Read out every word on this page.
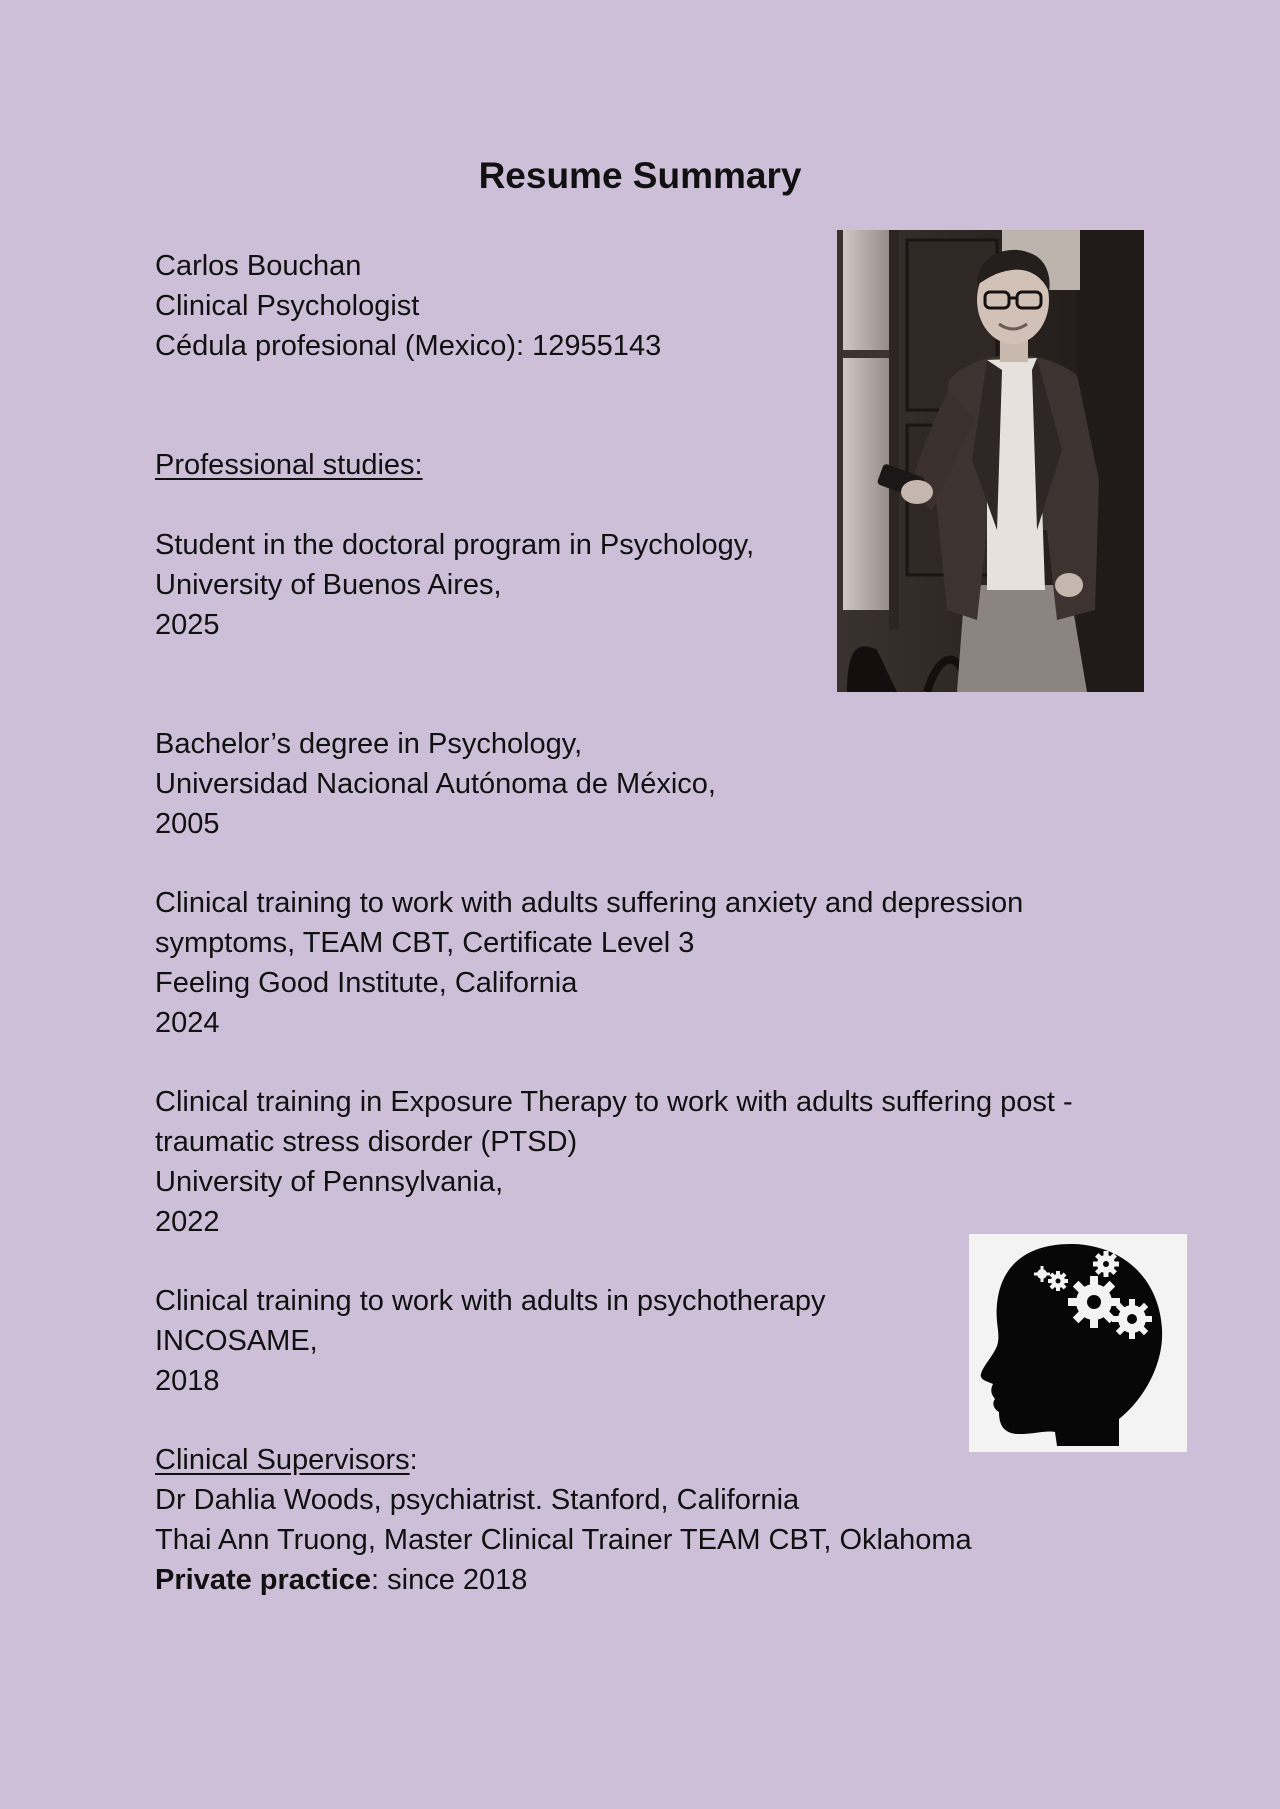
Resume Summary
Carlos Bouchan
Clinical Psychologist
Cédula profesional (Mexico): 12955143
Professional studies:
Student in the doctoral program in Psychology,
University of Buenos Aires,
2025
Bachelor’s degree in Psychology,
Universidad Nacional Autónoma de México,
2005
Clinical training to work with adults suffering anxiety and depression
symptoms, TEAM CBT, Certificate Level 3
Feeling Good Institute, California
2024
Clinical training in Exposure Therapy to work with adults suffering post -
traumatic stress disorder (PTSD)
University of Pennsylvania,
2022
Clinical training to work with adults in psychotherapy
INCOSAME,
2018
Clinical Supervisors:
Dr Dahlia Woods, psychiatrist. Stanford, California
Thai Ann Truong, Master Clinical Trainer TEAM CBT, Oklahoma
Private practice: since 2018
